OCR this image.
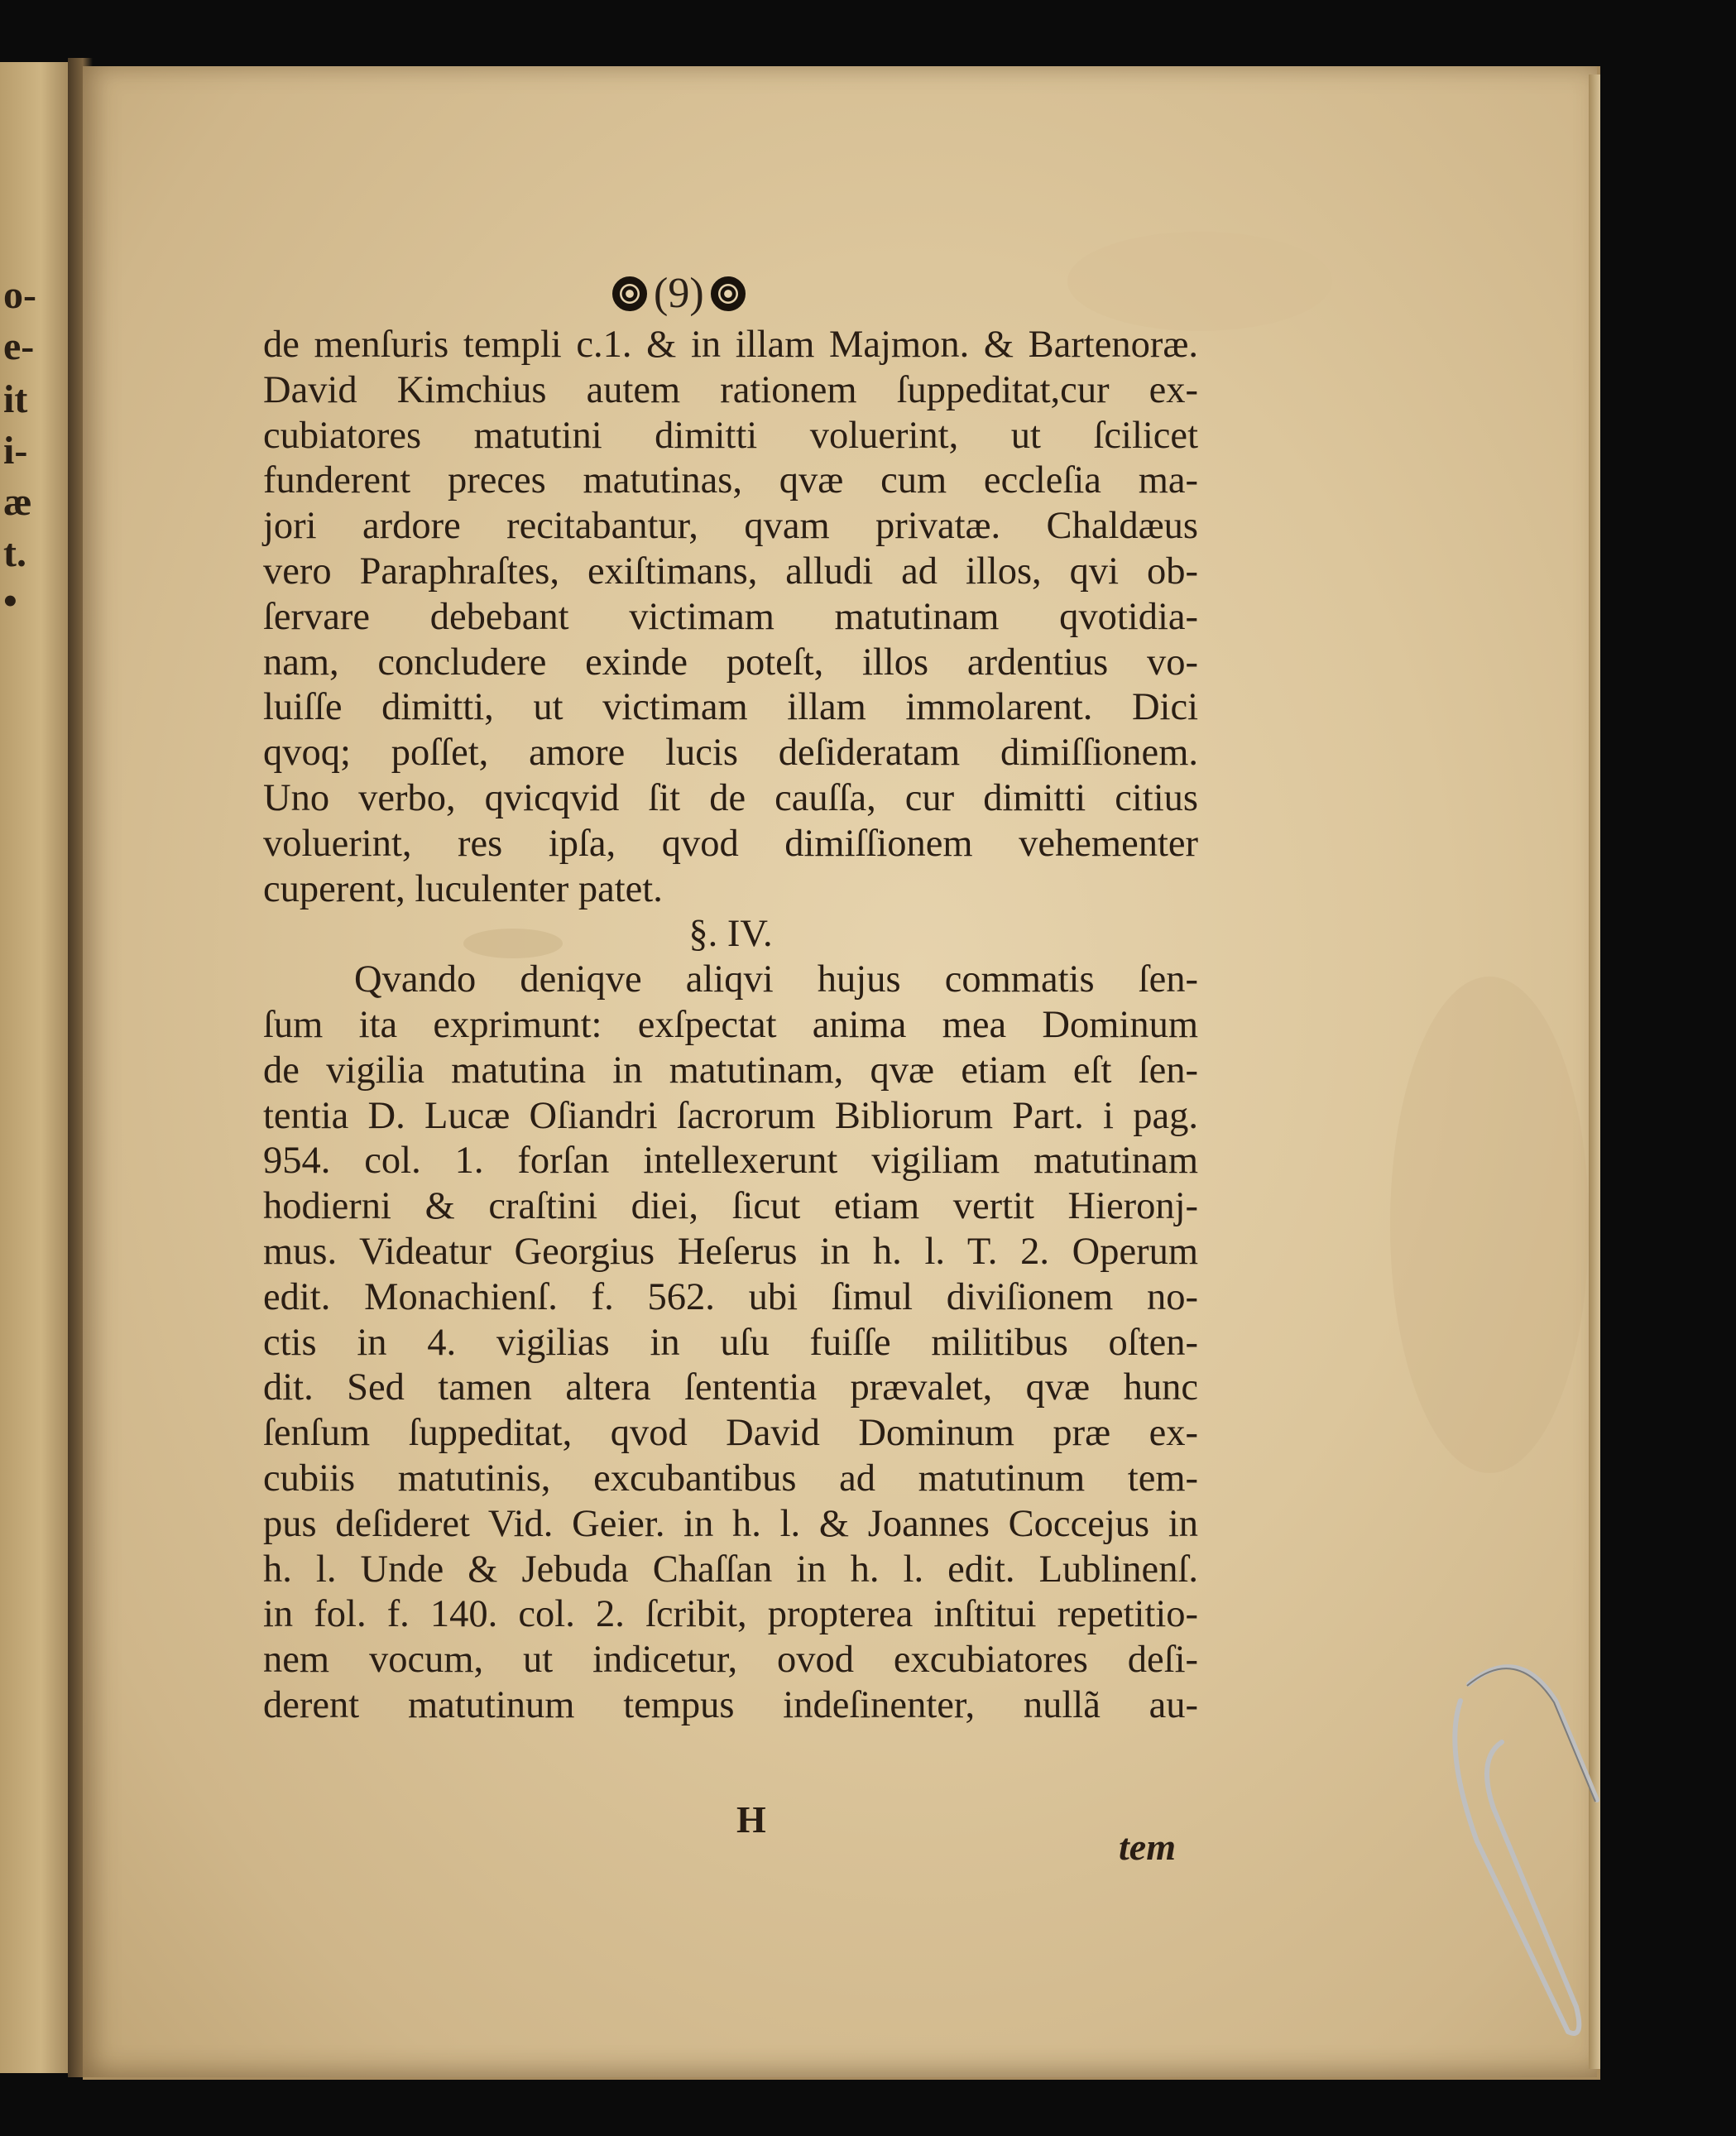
o-
e-
it
i-
æ
t.
•
(9)
de menſuris templi c.1. & in illam Majmon. & Bartenoræ.
David Kimchius autem rationem ſuppeditat,cur ex-
cubiatores matutini dimitti voluerint, ut ſcilicet
funderent preces matutinas, qvæ cum eccleſia ma-
jori ardore recitabantur, qvam privatæ. Chaldæus
vero Paraphraſtes, exiſtimans, alludi ad illos, qvi ob-
ſervare debebant victimam matutinam qvotidia-
nam, concludere exinde poteſt, illos ardentius vo-
luiſſe dimitti, ut victimam illam immolarent. Dici
qvoq; poſſet, amore lucis deſideratam dimiſſionem.
Uno verbo, qvicqvid ſit de cauſſa, cur dimitti citius
voluerint, res ipſa, qvod dimiſſionem vehementer
cuperent, luculenter patet.
§. IV.
Qvando deniqve aliqvi hujus commatis ſen-
ſum ita exprimunt: exſpectat anima mea Dominum
de vigilia matutina in matutinam, qvæ etiam eſt ſen-
tentia D. Lucæ Oſiandri ſacrorum Bibliorum Part. i pag.
954. col. 1. forſan intellexerunt vigiliam matutinam
hodierni & craſtini diei, ſicut etiam vertit Hieronj-
mus. Videatur Georgius Heſerus in h. l. T. 2. Operum
edit. Monachienſ. f. 562. ubi ſimul diviſionem no-
ctis in 4. vigilias in uſu fuiſſe militibus oſten-
dit. Sed tamen altera ſententia prævalet, qvæ hunc
ſenſum ſuppeditat, qvod David Dominum præ ex-
cubiis matutinis, excubantibus ad matutinum tem-
pus deſideret Vid. Geier. in h. l. & Joannes Coccejus in
h. l. Unde & Jebuda Chaſſan in h. l. edit. Lublinenſ.
in fol. f. 140. col. 2. ſcribit, propterea inſtitui repetitio-
nem vocum, ut indicetur, ovod excubiatores deſi-
derent matutinum tempus indeſinenter, nullã au-
H
tem
